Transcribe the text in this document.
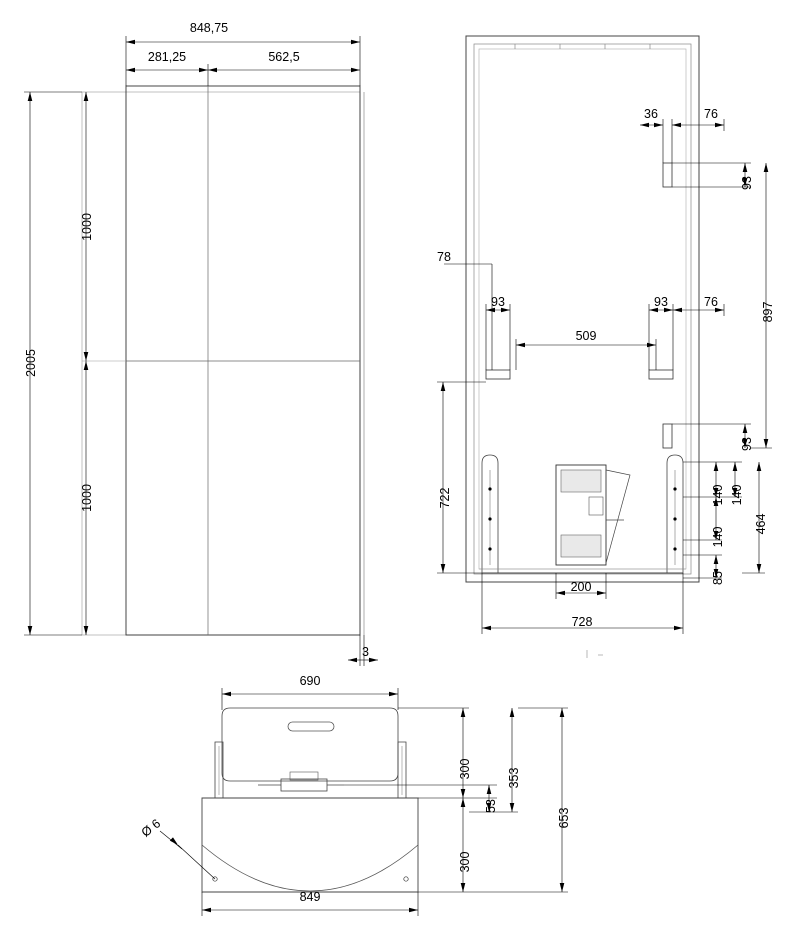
848,75
281,25	562,5
2005
1000
1000
3
36	76
93
897
93
78
93	93	76
509
722
200
728
140 140
140
464
85
690
849
300	353
53
300
653
Ø 6
